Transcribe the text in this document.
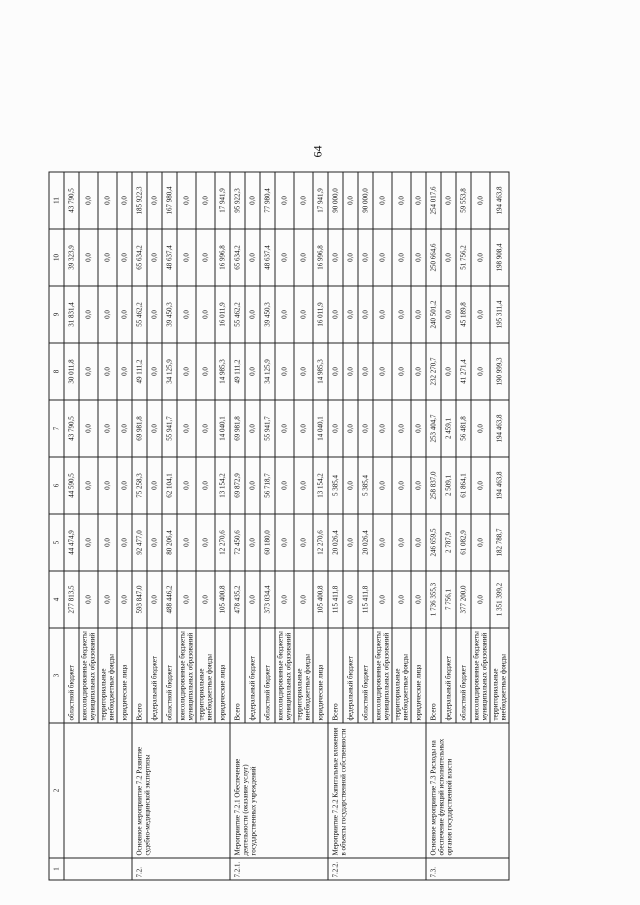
64
1	2	3	4	5	6	7	8	9	10	11
		областной бюджет	277 813,5	44 474,9	44 590,5	43 790,5	30 011,8	31 831,4	39 323,9	43 790,5
		консолидированные бюджеты муниципальных образований	0,0	0,0	0,0	0,0	0,0	0,0	0,0	0,0
		территориальные внебюджетные фонды	0,0	0,0	0,0	0,0	0,0	0,0	0,0	0,0
		юридические лица	0,0	0,0	0,0	0,0	0,0	0,0	0,0	0,0
7.2.	Основное мероприятие 7.2 Развитие судебно-медицинской экспертизы	Всего	593 847,0	92 477,0	75 258,3	69 981,8	49 111,2	55 462,2	65 634,2	185 922,3
		федеральный бюджет	0,0	0,0	0,0	0,0	0,0	0,0	0,0	0,0
		областной бюджет	488 446,2	80 206,4	62 104,1	55 941,7	34 125,9	39 450,3	48 637,4	167 980,4
		консолидированные бюджеты муниципальных образований	0,0	0,0	0,0	0,0	0,0	0,0	0,0	0,0
		территориальные внебюджетные фонды	0,0	0,0	0,0	0,0	0,0	0,0	0,0	0,0
		юридические лица	105 400,8	12 270,6	13 154,2	14 040,1	14 985,3	16 011,9	16 996,8	17 941,9
7.2.1.	Мероприятие 7.2.1 Обеспечение деятельности (оказание услуг) государственных учреждений	Всего	478 435,2	72 450,6	69 872,9	69 981,8	49 111,2	55 462,2	65 634,2	95 922,3
		федеральный бюджет	0,0	0,0	0,0	0,0	0,0	0,0	0,0	0,0
		областной бюджет	373 034,4	60 180,0	56 718,7	55 941,7	34 125,9	39 450,3	48 637,4	77 980,4
		консолидированные бюджеты муниципальных образований	0,0	0,0	0,0	0,0	0,0	0,0	0,0	0,0
		территориальные внебюджетные фонды	0,0	0,0	0,0	0,0	0,0	0,0	0,0	0,0
		юридические лица	105 400,8	12 270,6	13 154,2	14 040,1	14 985,3	16 011,9	16 996,8	17 941,9
7.2.2.	Мероприятие 7.2.2 Капитальные вложения в объекты государственной собственности	Всего	115 411,8	20 026,4	5 385,4	0,0	0,0	0,0	0,0	90 000,0
		федеральный бюджет	0,0	0,0	0,0	0,0	0,0	0,0	0,0	0,0
		областной бюджет	115 411,8	20 026,4	5 385,4	0,0	0,0	0,0	0,0	90 000,0
		консолидированные бюджеты муниципальных образований	0,0	0,0	0,0	0,0	0,0	0,0	0,0	0,0
		территориальные внебюджетные фонды	0,0	0,0	0,0	0,0	0,0	0,0	0,0	0,0
		юридические лица	0,0	0,0	0,0	0,0	0,0	0,0	0,0	0,0
7.3.	Основное мероприятие 7.3 Расходы на обеспечение функций исполнительных органов государственной власти	Всего	1 736 355,3	246 659,5	258 837,0	253 404,7	232 270,7	240 501,2	250 664,6	254 017,6
		федеральный бюджет	7 756,1	2 787,9	2 509,1	2 459,1	0,0	0,0	0,0	0,0
		областной бюджет	377 200,0	61 082,9	61 864,1	56 481,8	41 271,4	45 189,8	51 756,2	59 553,8
		консолидированные бюджеты муниципальных образований	0,0	0,0	0,0	0,0	0,0	0,0	0,0	0,0
		территориальные внебюджетные фонды	1 351 399,2	182 788,7	194 463,8	194 463,8	190 999,3	195 311,4	198 908,4	194 463,8
